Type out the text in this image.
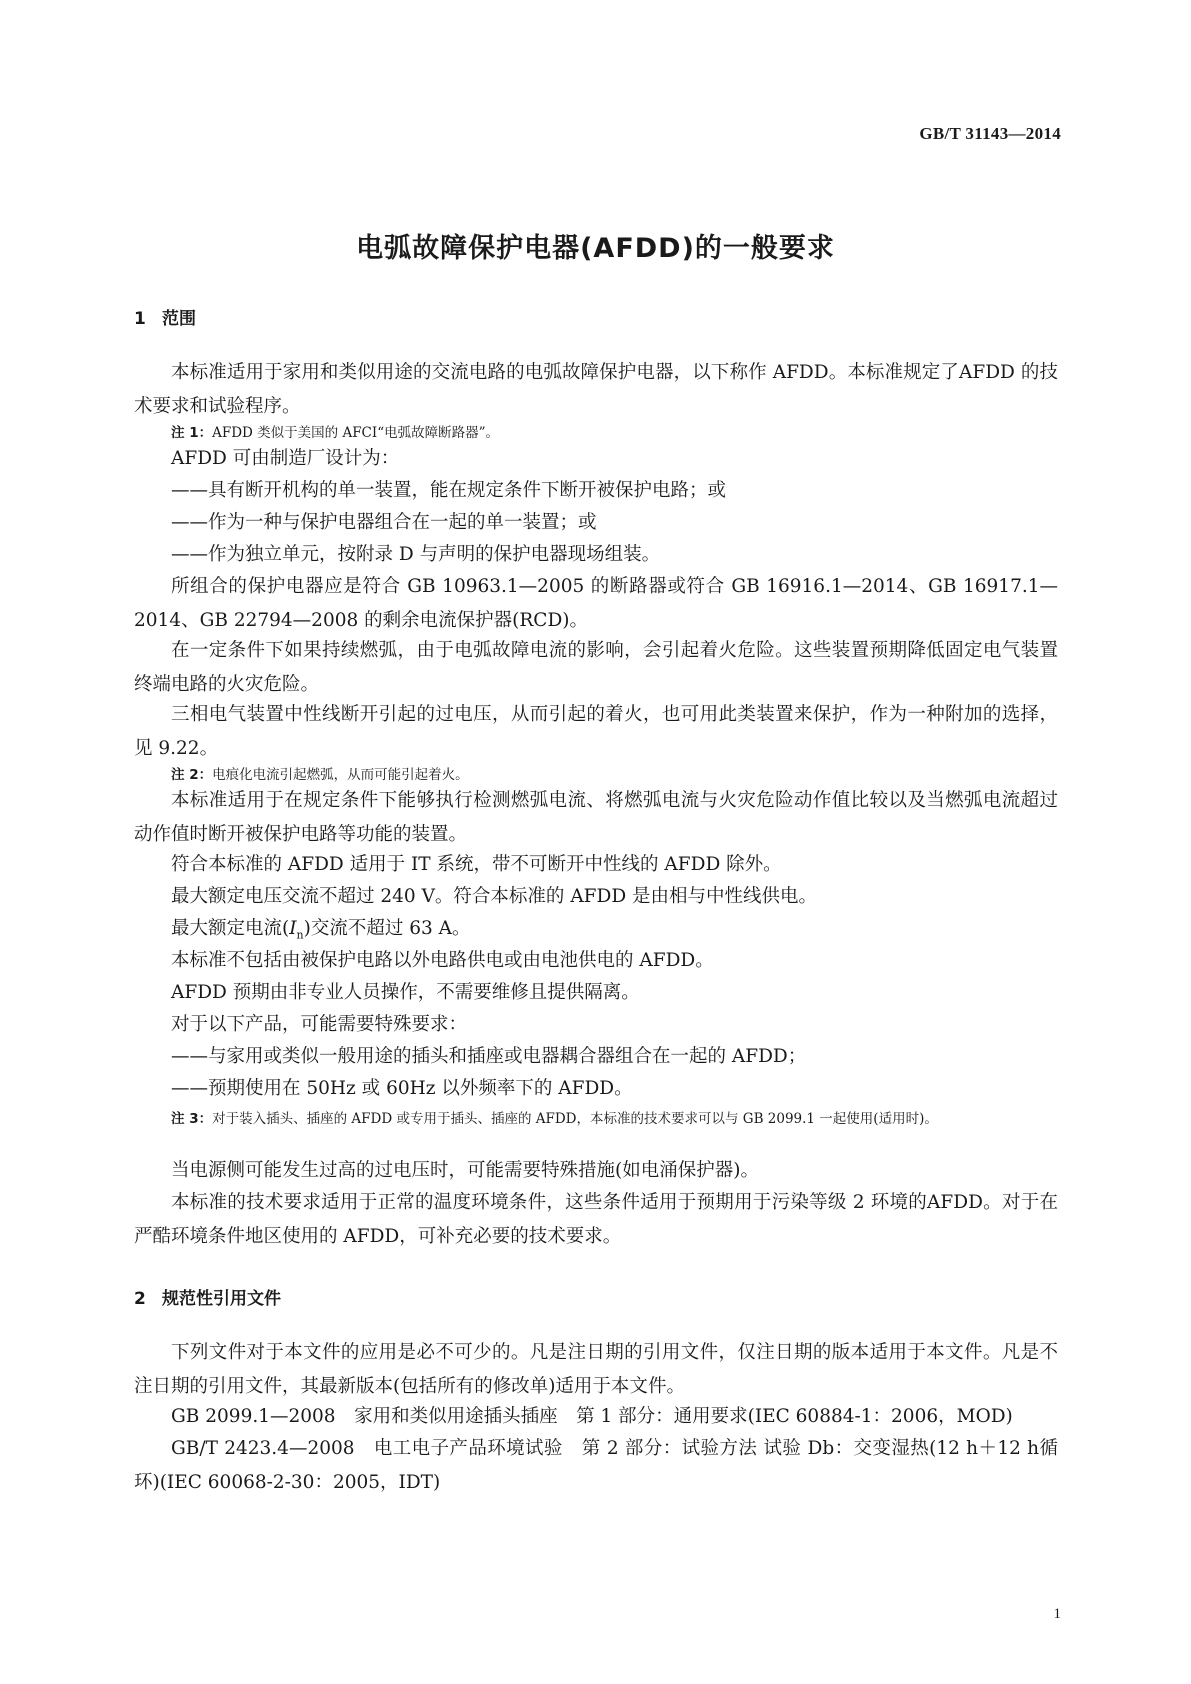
GB/T 31143—2014
电弧故障保护电器(AFDD)的一般要求
1 范围
本标准适用于家用和类似用途的交流电路的电弧故障保护电器，以下称作 AFDD。本标准规定了AFDD 的技术要求和试验程序。
注 1：AFDD 类似于美国的 AFCI“电弧故障断路器”。
AFDD 可由制造厂设计为：
——具有断开机构的单一装置，能在规定条件下断开被保护电路；或
——作为一种与保护电器组合在一起的单一装置；或
——作为独立单元，按附录 D 与声明的保护电器现场组装。
所组合的保护电器应是符合 GB 10963.1—2005 的断路器或符合 GB 16916.1—2014、GB 16917.1—2014、GB 22794—2008 的剩余电流保护器(RCD)。
在一定条件下如果持续燃弧，由于电弧故障电流的影响，会引起着火危险。这些装置预期降低固定电气装置终端电路的火灾危险。
三相电气装置中性线断开引起的过电压，从而引起的着火，也可用此类装置来保护，作为一种附加的选择，见 9.22。
注 2：电痕化电流引起燃弧，从而可能引起着火。
本标准适用于在规定条件下能够执行检测燃弧电流、将燃弧电流与火灾危险动作值比较以及当燃弧电流超过动作值时断开被保护电路等功能的装置。
符合本标准的 AFDD 适用于 IT 系统，带不可断开中性线的 AFDD 除外。
最大额定电压交流不超过 240 V。符合本标准的 AFDD 是由相与中性线供电。
最大额定电流$(I_n)$交流不超过 63 A。
本标准不包括由被保护电路以外电路供电或由电池供电的 AFDD。
AFDD 预期由非专业人员操作，不需要维修且提供隔离。
对于以下产品，可能需要特殊要求：
——与家用或类似一般用途的插头和插座或电器耦合器组合在一起的 AFDD；
——预期使用在 50Hz 或 60Hz 以外频率下的 AFDD。
注 3：对于装入插头、插座的 AFDD 或专用于插头、插座的 AFDD，本标准的技术要求可以与 GB 2099.1 一起使用(适用时)。
当电源侧可能发生过高的过电压时，可能需要特殊措施(如电涌保护器)。
本标准的技术要求适用于正常的温度环境条件，这些条件适用于预期用于污染等级 2 环境的AFDD。对于在严酷环境条件地区使用的 AFDD，可补充必要的技术要求。
2 规范性引用文件
下列文件对于本文件的应用是必不可少的。凡是注日期的引用文件，仅注日期的版本适用于本文件。凡是不注日期的引用文件，其最新版本(包括所有的修改单)适用于本文件。
GB 2099.1—2008　家用和类似用途插头插座　第 1 部分：通用要求(IEC 60884-1：2006，MOD)
GB/T 2423.4—2008　电工电子产品环境试验　第 2 部分：试验方法 试验 Db：交变湿热(12 h＋12 h循环)(IEC 60068-2-30：2005，IDT)
1
